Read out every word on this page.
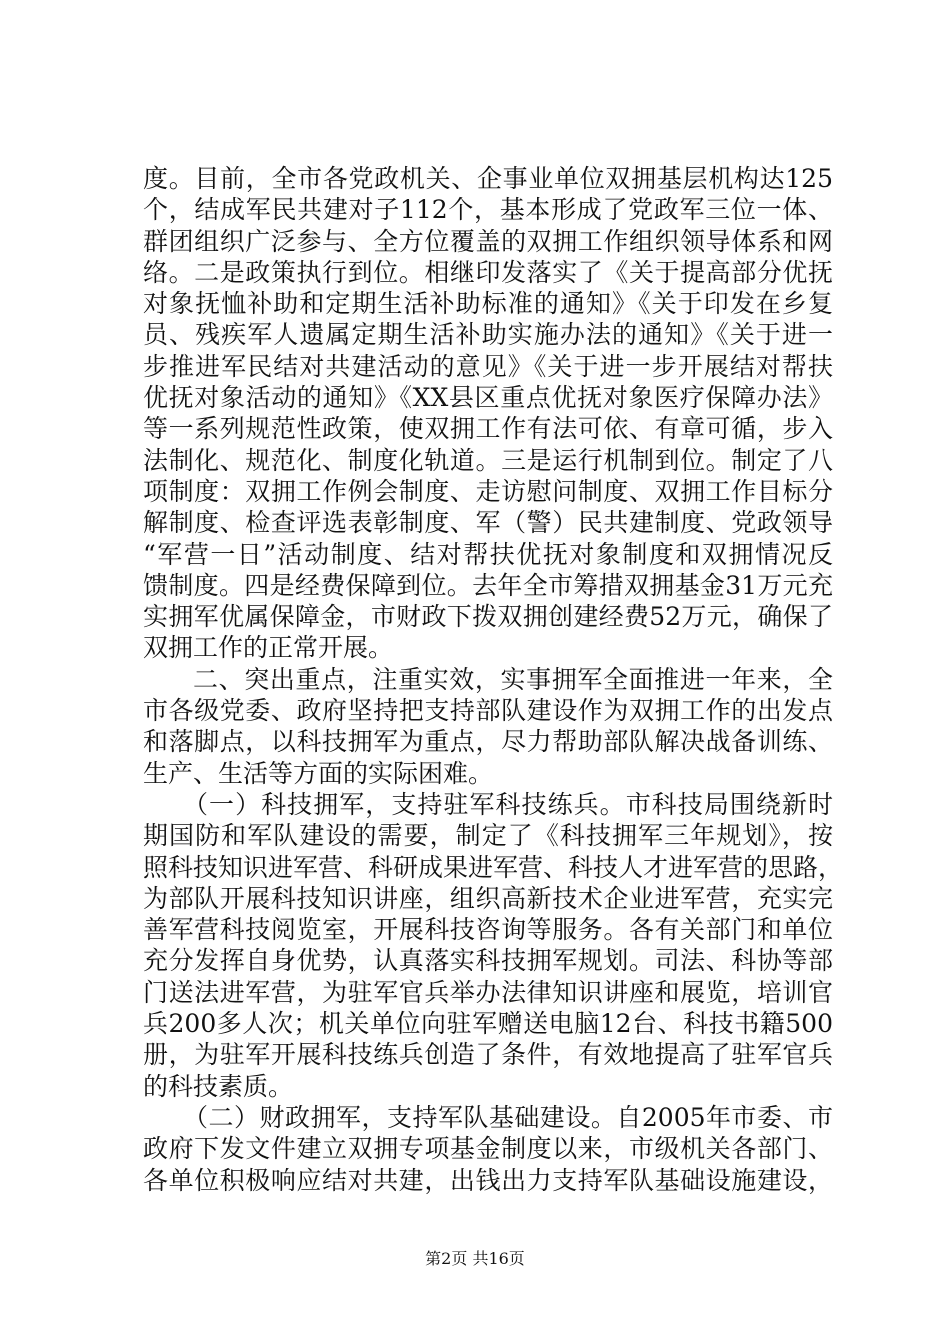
度。目前，全市各党政机关、企事业单位双拥基层机构达125
个，结成军民共建对子112个，基本形成了党政军三位一体、
群团组织广泛参与、全方位覆盖的双拥工作组织领导体系和网
络。二是政策执行到位。相继印发落实了《关于提高部分优抚
对象抚恤补助和定期生活补助标准的通知》《关于印发在乡复
员、残疾军人遗属定期生活补助实施办法的通知》《关于进一
步推进军民结对共建活动的意见》《关于进一步开展结对帮扶
优抚对象活动的通知》《XX县区重点优抚对象医疗保障办法》
等一系列规范性政策，使双拥工作有法可依、有章可循，步入
法制化、规范化、制度化轨道。三是运行机制到位。制定了八
项制度：双拥工作例会制度、走访慰问制度、双拥工作目标分
解制度、检查评选表彰制度、军（警）民共建制度、党政领导
“军营一日”活动制度、结对帮扶优抚对象制度和双拥情况反
馈制度。四是经费保障到位。去年全市筹措双拥基金31万元充
实拥军优属保障金，市财政下拨双拥创建经费52万元，确保了
双拥工作的正常开展。
二、突出重点，注重实效，实事拥军全面推进一年来，全
市各级党委、政府坚持把支持部队建设作为双拥工作的出发点
和落脚点，以科技拥军为重点，尽力帮助部队解决战备训练、
生产、生活等方面的实际困难。
（一）科技拥军，支持驻军科技练兵。市科技局围绕新时
期国防和军队建设的需要，制定了《科技拥军三年规划》，按
照科技知识进军营、科研成果进军营、科技人才进军营的思路，
为部队开展科技知识讲座，组织高新技术企业进军营，充实完
善军营科技阅览室，开展科技咨询等服务。各有关部门和单位
充分发挥自身优势，认真落实科技拥军规划。司法、科协等部
门送法进军营，为驻军官兵举办法律知识讲座和展览，培训官
兵200多人次；机关单位向驻军赠送电脑12台、科技书籍500
册，为驻军开展科技练兵创造了条件，有效地提高了驻军官兵
的科技素质。
（二）财政拥军，支持军队基础建设。自2005年市委、市
政府下发文件建立双拥专项基金制度以来，市级机关各部门、
各单位积极响应结对共建，出钱出力支持军队基础设施建设，
第2页 共16页
